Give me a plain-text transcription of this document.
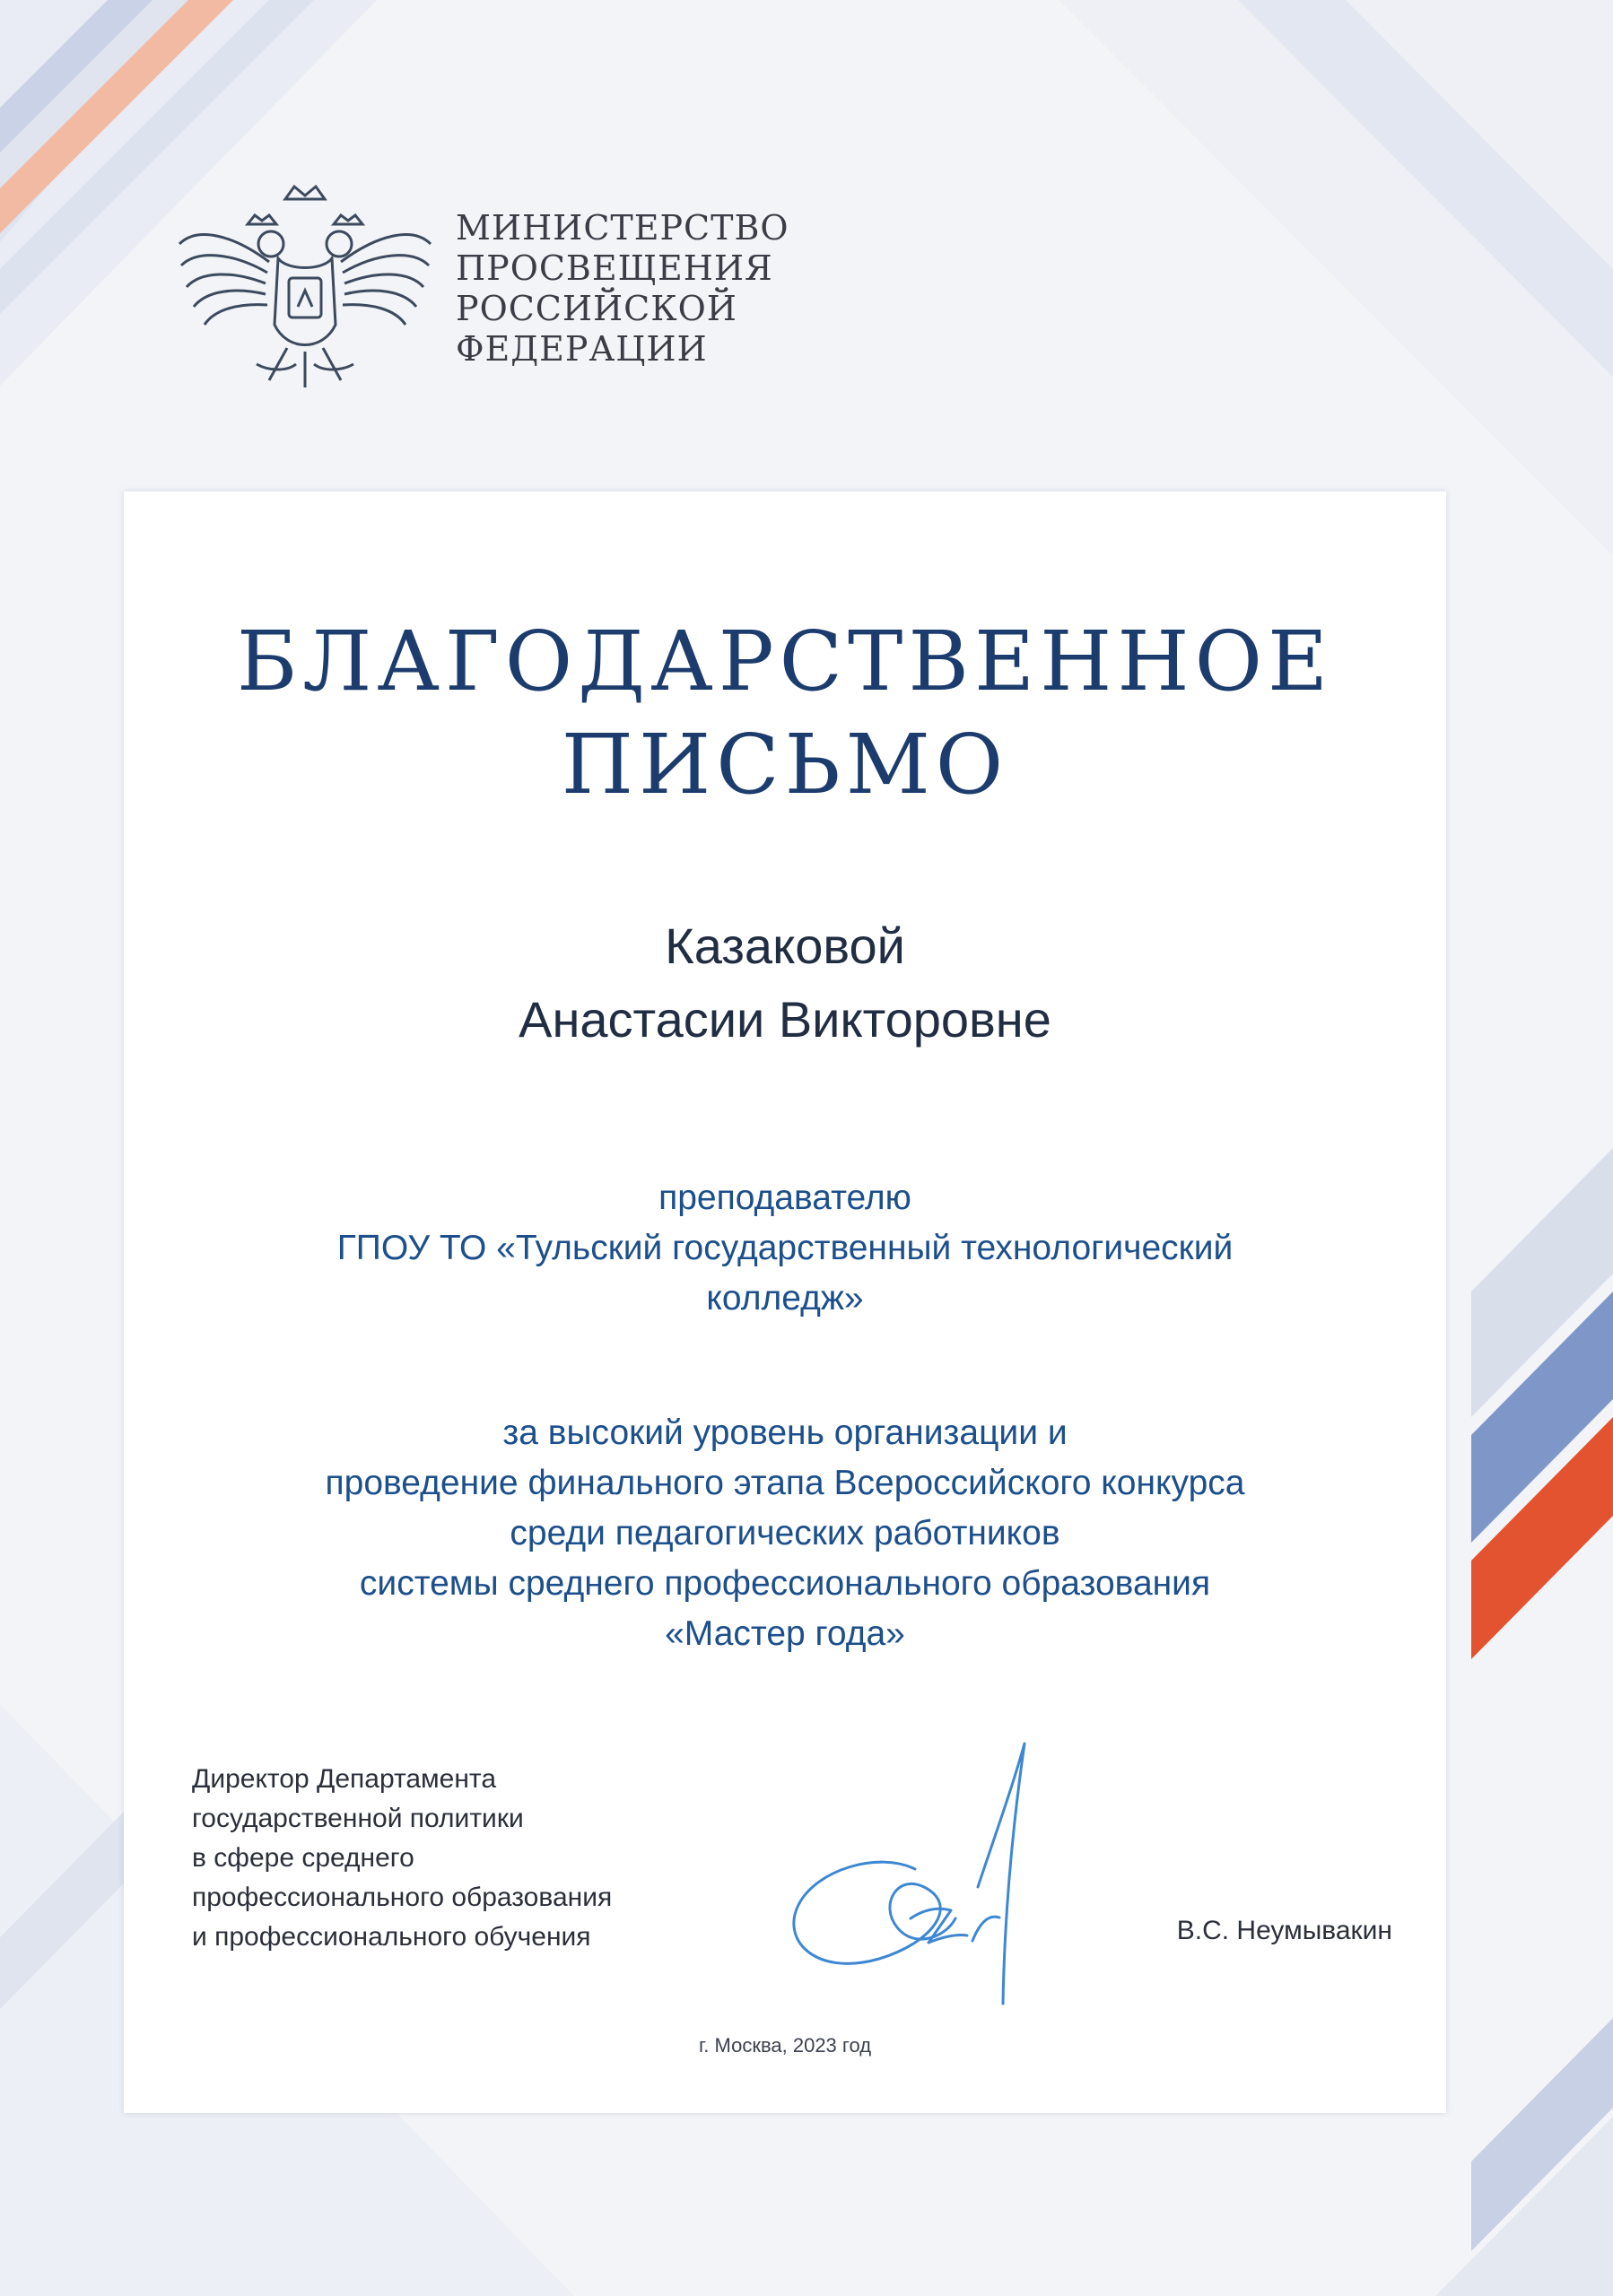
МИНИСТЕРСТВО
ПРОСВЕЩЕНИЯ
РОССИЙСКОЙ
ФЕДЕРАЦИИ
БЛАГОДАРСТВЕННОЕ
ПИСЬМО
Казаковой
Анастасии Викторовне
преподавателю
ГПОУ ТО «Тульский государственный технологический
колледж»
за высокий уровень организации и
проведение финального этапа Всероссийского конкурса
среди педагогических работников
системы среднего профессионального образования
«Мастер года»
Директор Департамента
государственной политики
в сфере среднего
профессионального образования
и профессионального обучения	В.С. Неумывакин
г. Москва, 2023 год
